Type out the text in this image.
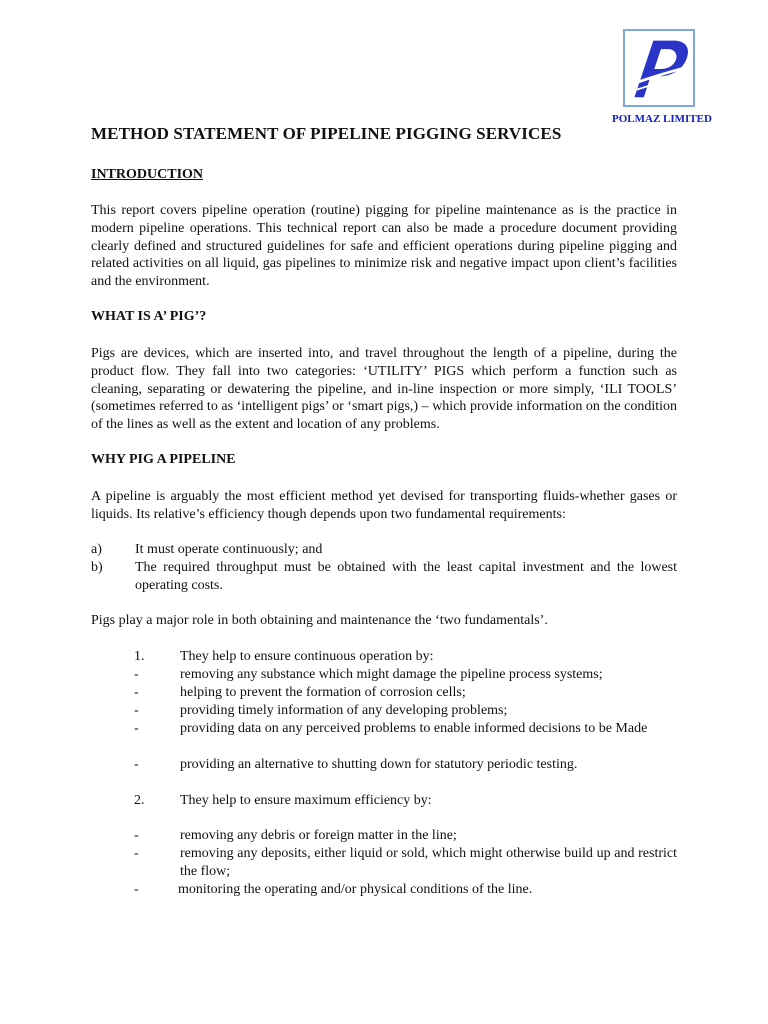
POLMAZ LIMITED
METHOD STATEMENT OF PIPELINE PIGGING SERVICES
INTRODUCTION
This report covers pipeline operation (routine) pigging for pipeline maintenance as is the practice in modern pipeline operations. This technical report can also be made a procedure document providing clearly defined and structured guidelines for safe and efficient operations during pipeline pigging and related activities on all liquid, gas pipelines to minimize risk and negative impact upon client’s facilities and the environment.
WHAT IS A’ PIG’?
Pigs are devices, which are inserted into, and travel throughout the length of a pipeline, during the product flow. They fall into two categories: ‘UTILITY’ PIGS which perform a function such as cleaning, separating or dewatering the pipeline, and in-line inspection or more simply, ‘ILI TOOLS’ (sometimes referred to as ‘intelligent pigs’ or ‘smart pigs,) – which provide information on the condition of the lines as well as the extent and location of any problems.
WHY PIG A PIPELINE
A pipeline is arguably the most efficient method yet devised for transporting fluids-whether gases or liquids. Its relative’s efficiency though depends upon two fundamental requirements:
a) It must operate continuously; and
b) The required throughput must be obtained with the least capital investment and the lowest operating costs.
Pigs play a major role in both obtaining and maintenance the ‘two fundamentals’.
1.	They help to ensure continuous operation by:
-	removing any substance which might damage the pipeline process systems;
-	helping to prevent the formation of corrosion cells;
-	providing timely information of any developing problems;
-	providing data on any perceived problems to enable informed decisions to be Made
-	providing an alternative to shutting down for statutory periodic testing.
2.	They help to ensure maximum efficiency by:
-	removing any debris or foreign matter in the line;
-	removing any deposits, either liquid or sold, which might otherwise build up and restrict the flow;
-	monitoring the operating and/or physical conditions of the line.
